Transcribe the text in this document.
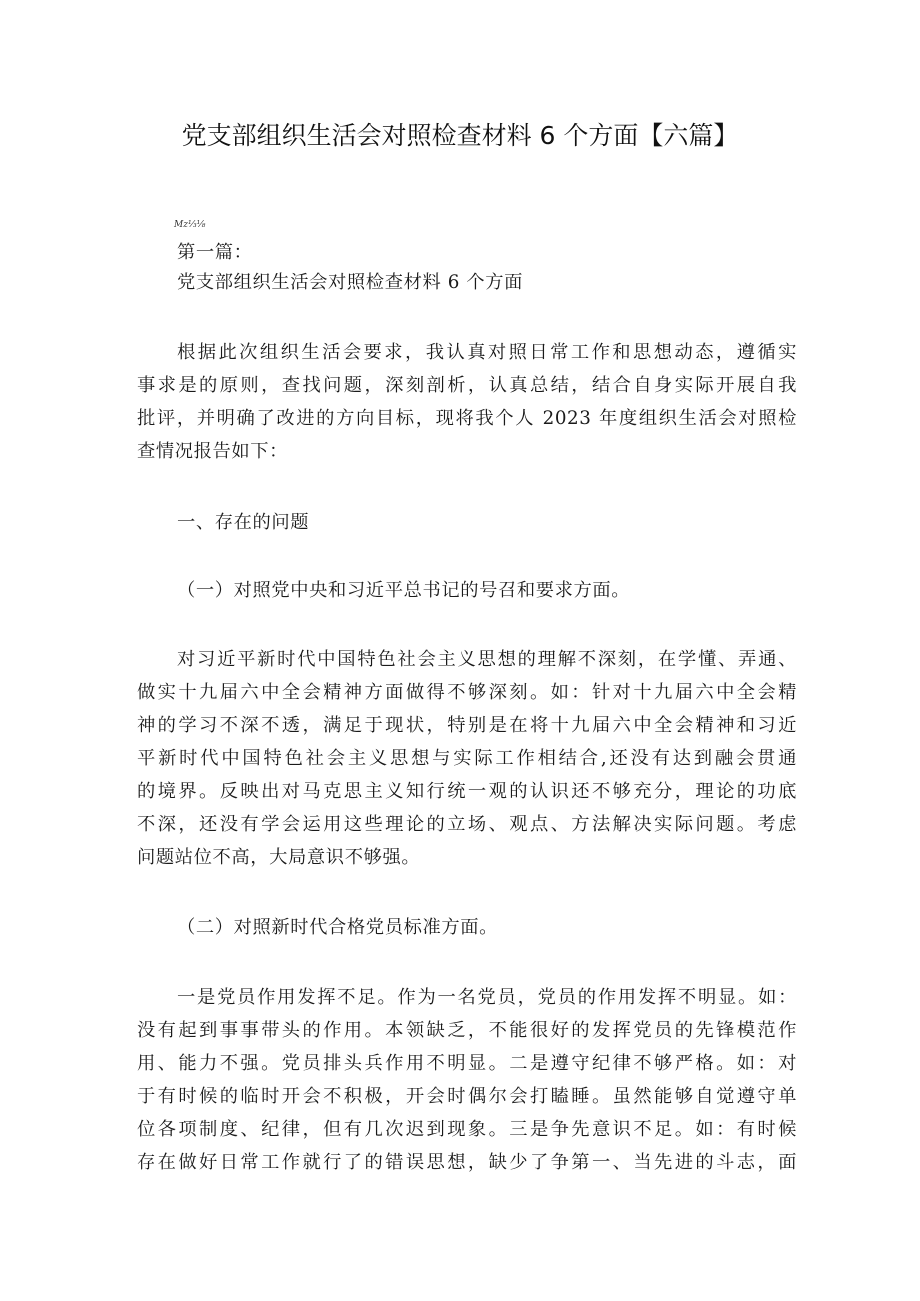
党支部组织生活会对照检查材料 6 个方面【六篇】
Mz⅓⅛
第一篇：
党支部组织生活会对照检查材料 6 个方面
根据此次组织生活会要求，我认真对照日常工作和思想动态，遵循实
事求是的原则，查找问题，深刻剖析，认真总结，结合自身实际开展自我
批评，并明确了改进的方向目标，现将我个人 2023 年度组织生活会对照检
查情况报告如下：
一、存在的问题
（一）对照党中央和习近平总书记的号召和要求方面。
对习近平新时代中国特色社会主义思想的理解不深刻，在学懂、弄通、
做实十九届六中全会精神方面做得不够深刻。如：针对十九届六中全会精
神的学习不深不透，满足于现状，特别是在将十九届六中全会精神和习近
平新时代中国特色社会主义思想与实际工作相结合,还没有达到融会贯通
的境界。反映出对马克思主义知行统一观的认识还不够充分，理论的功底
不深，还没有学会运用这些理论的立场、观点、方法解决实际问题。考虑
问题站位不高，大局意识不够强。
（二）对照新时代合格党员标准方面。
一是党员作用发挥不足。作为一名党员，党员的作用发挥不明显。如：
没有起到事事带头的作用。本领缺乏，不能很好的发挥党员的先锋模范作
用、能力不强。党员排头兵作用不明显。二是遵守纪律不够严格。如：对
于有时候的临时开会不积极，开会时偶尔会打瞌睡。虽然能够自觉遵守单
位各项制度、纪律，但有几次迟到现象。三是争先意识不足。如：有时候
存在做好日常工作就行了的错误思想，缺少了争第一、当先进的斗志，面
